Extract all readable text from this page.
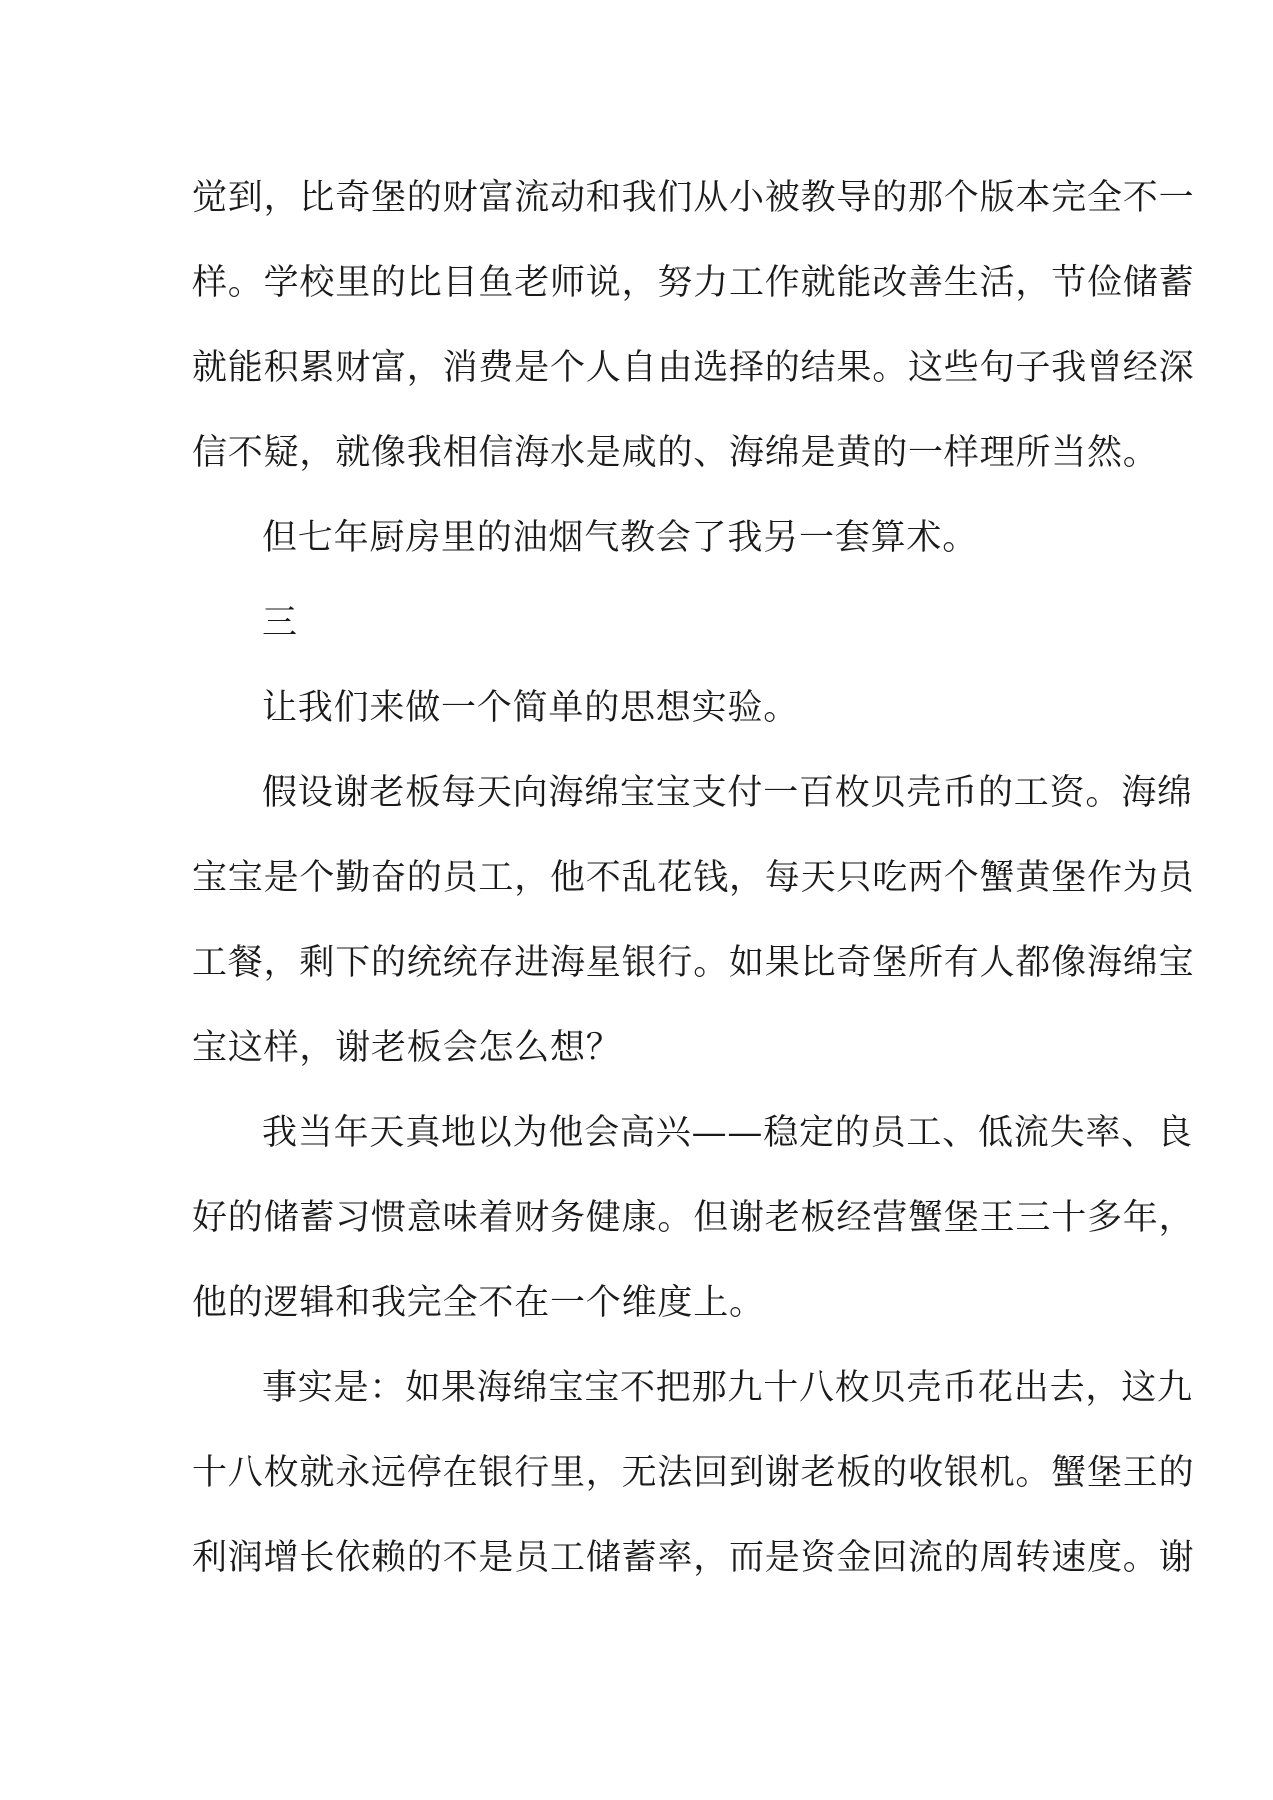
觉到，比奇堡的财富流动和我们从小被教导的那个版本完全不一
样。学校里的比目鱼老师说，努力工作就能改善生活，节俭储蓄
就能积累财富，消费是个人自由选择的结果。这些句子我曾经深
信不疑，就像我相信海水是咸的、海绵是黄的一样理所当然。
但七年厨房里的油烟气教会了我另一套算术。
三
让我们来做一个简单的思想实验。
假设谢老板每天向海绵宝宝支付一百枚贝壳币的工资。海绵
宝宝是个勤奋的员工，他不乱花钱，每天只吃两个蟹黄堡作为员
工餐，剩下的统统存进海星银行。如果比奇堡所有人都像海绵宝
宝这样，谢老板会怎么想？
我当年天真地以为他会高兴——稳定的员工、低流失率、良
好的储蓄习惯意味着财务健康。但谢老板经营蟹堡王三十多年，
他的逻辑和我完全不在一个维度上。
事实是：如果海绵宝宝不把那九十八枚贝壳币花出去，这九
十八枚就永远停在银行里，无法回到谢老板的收银机。蟹堡王的
利润增长依赖的不是员工储蓄率，而是资金回流的周转速度。谢
